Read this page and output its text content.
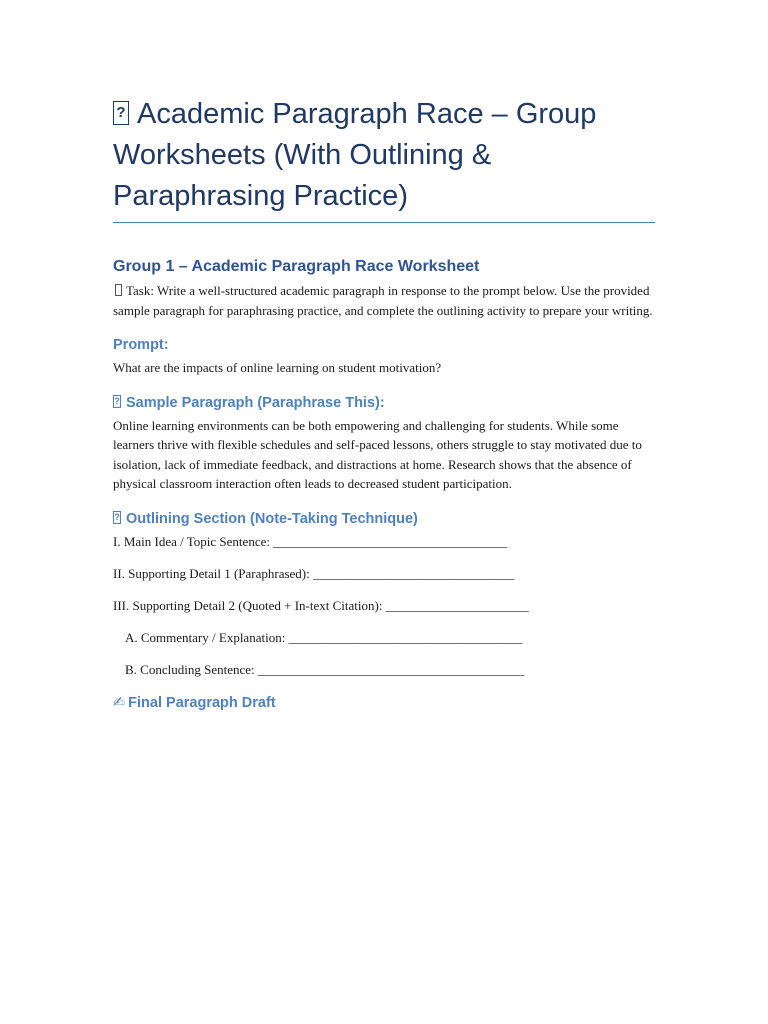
?Academic Paragraph Race – Group Worksheets (With Outlining & Paraphrasing Practice)
Group 1 – Academic Paragraph Race Worksheet

Task: Write a well-structured academic paragraph in response to the prompt below. Use the provided sample paragraph for paraphrasing practice, and complete the outlining activity to prepare your writing.

Prompt:

What are the impacts of online learning on student motivation?

?Sample Paragraph (Paraphrase This):

Online learning environments can be both empowering and challenging for students. While some learners thrive with flexible schedules and self-paced lessons, others struggle to stay motivated due to isolation, lack of immediate feedback, and distractions at home. Research shows that the absence of physical classroom interaction often leads to decreased student participation.

?Outlining Section (Note-Taking Technique)

I. Main Idea / Topic Sentence: ____________________________________

II. Supporting Detail 1 (Paraphrased): _______________________________

III. Supporting Detail 2 (Quoted + In-text Citation): ______________________

A. Commentary / Explanation: ____________________________________

B. Concluding Sentence: _________________________________________

✍ Final Paragraph Draft
